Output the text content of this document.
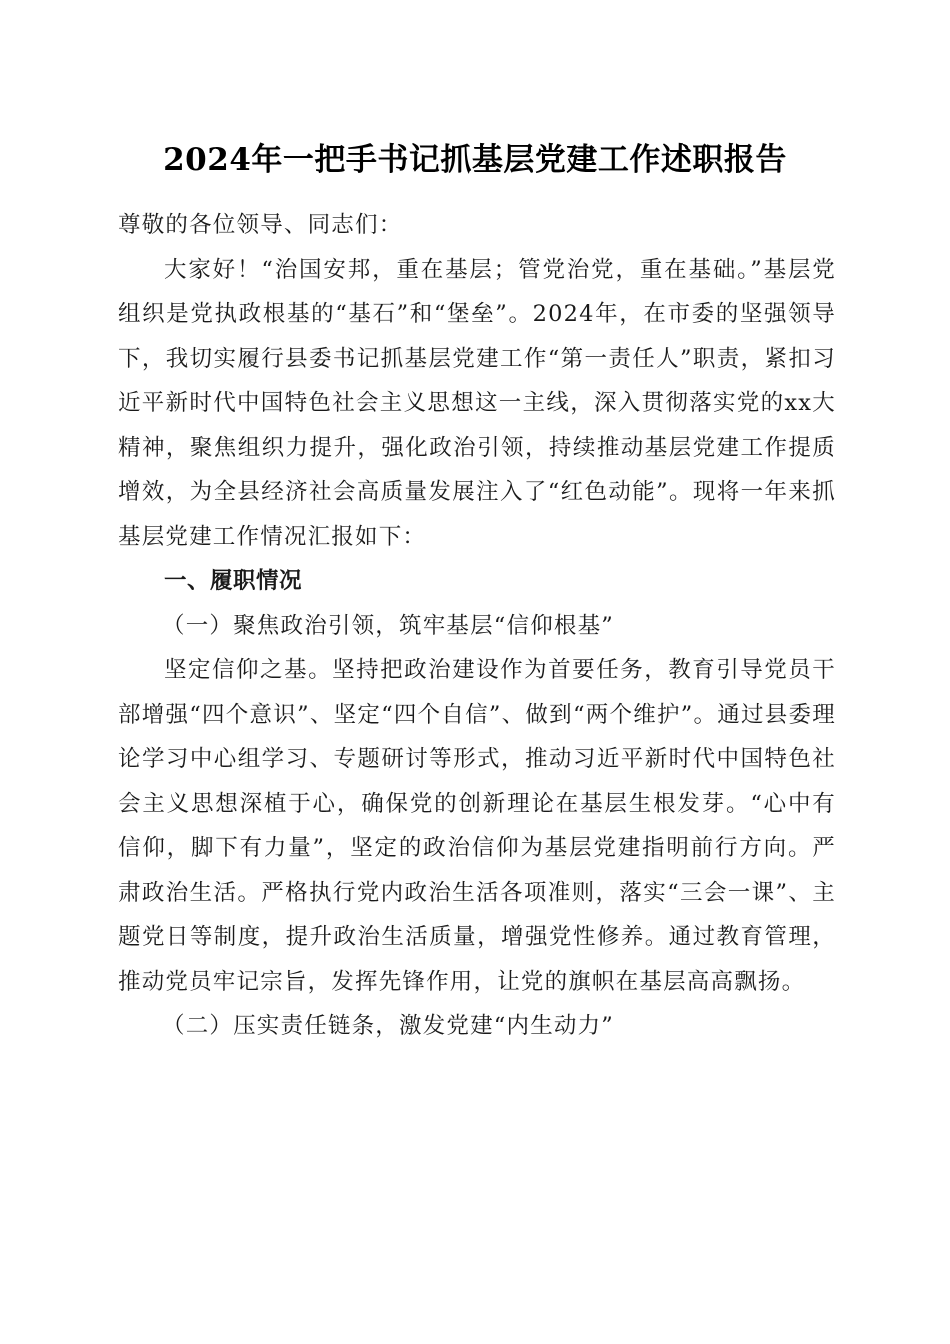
2024年一把手书记抓基层党建工作述职报告

尊敬的各位领导、同志们：

大家好！“治国安邦，重在基层；管党治党，重在基础。”基层党组织是党执政根基的“基石”和“堡垒”。2024年，在市委的坚强领导下，我切实履行县委书记抓基层党建工作“第一责任人”职责，紧扣习近平新时代中国特色社会主义思想这一主线，深入贯彻落实党的xx大精神，聚焦组织力提升，强化政治引领，持续推动基层党建工作提质增效，为全县经济社会高质量发展注入了“红色动能”。现将一年来抓基层党建工作情况汇报如下：

一、履职情况

（一）聚焦政治引领，筑牢基层“信仰根基”

坚定信仰之基。坚持把政治建设作为首要任务，教育引导党员干部增强“四个意识”、坚定“四个自信”、做到“两个维护”。通过县委理论学习中心组学习、专题研讨等形式，推动习近平新时代中国特色社会主义思想深植于心，确保党的创新理论在基层生根发芽。“心中有信仰，脚下有力量”，坚定的政治信仰为基层党建指明前行方向。严肃政治生活。严格执行党内政治生活各项准则，落实“三会一课”、主题党日等制度，提升政治生活质量，增强党性修养。通过教育管理，推动党员牢记宗旨，发挥先锋作用，让党的旗帜在基层高高飘扬。

（二）压实责任链条，激发党建“内生动力”
